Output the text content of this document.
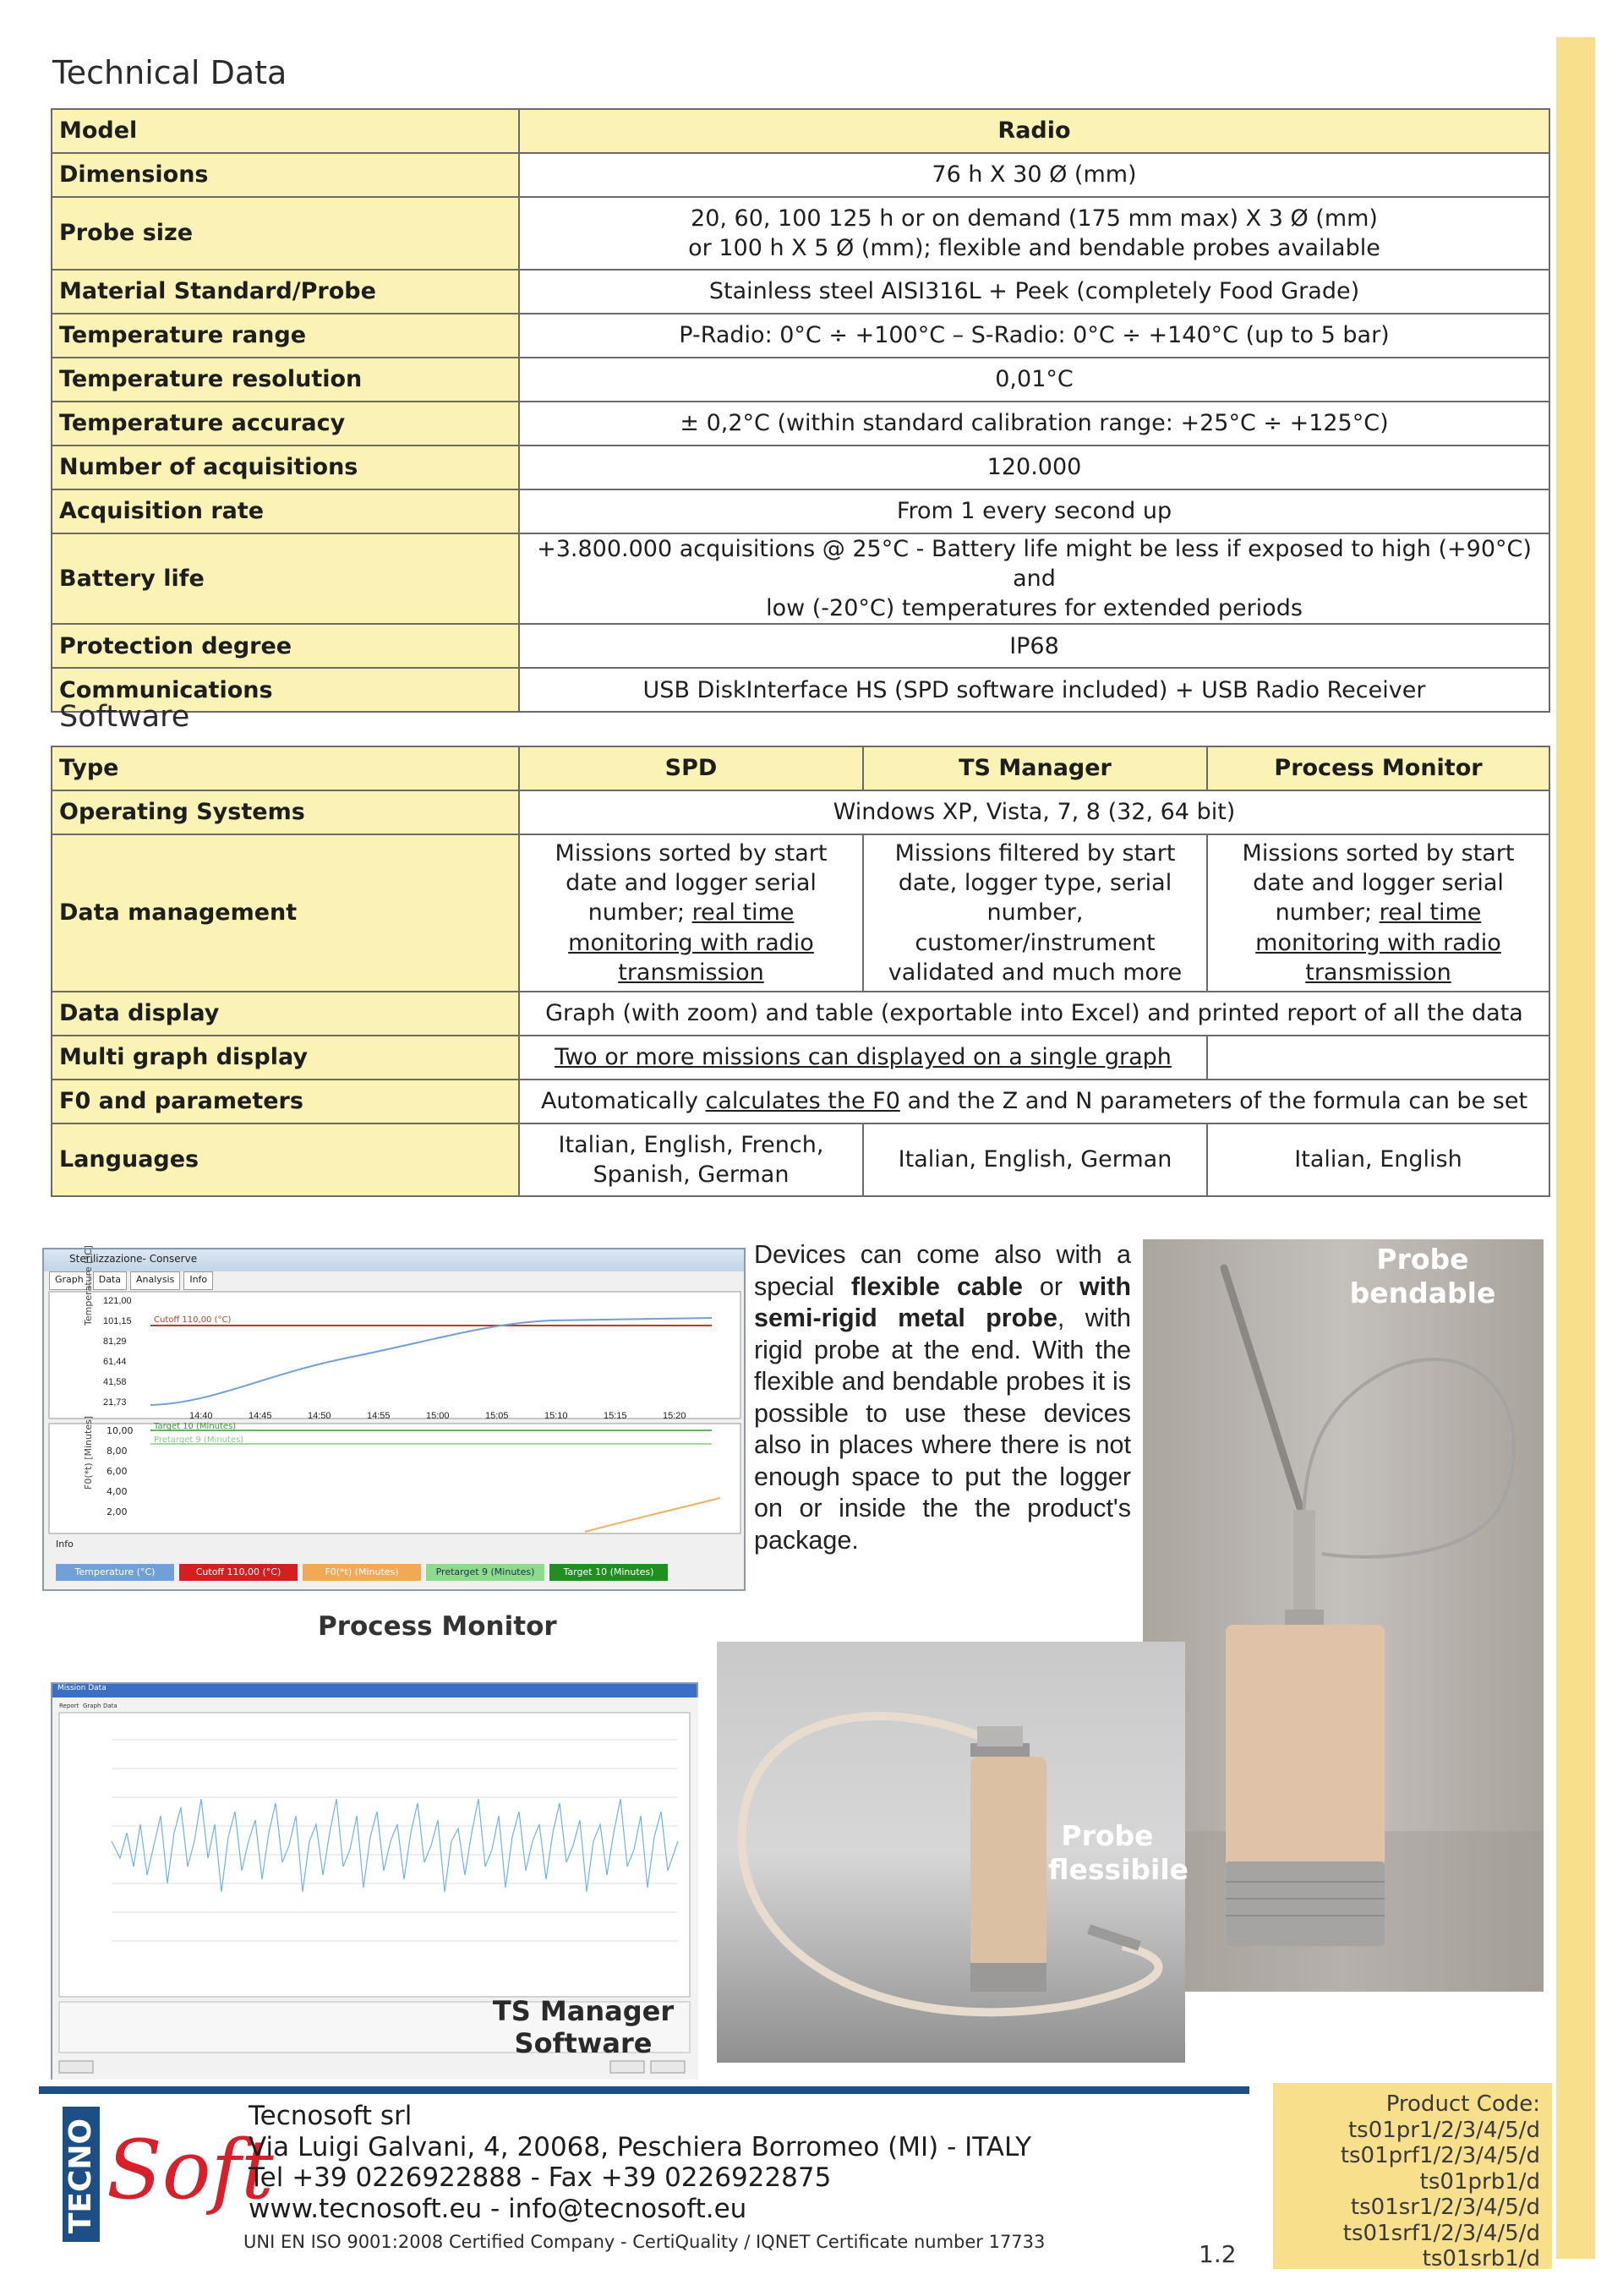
Technical Data
Model	Radio
Dimensions	76 h X 30 Ø (mm)
Probe size	20, 60, 100 125 h or on demand (175 mm max) X 3 Ø (mm)
or 100 h X 5 Ø (mm); flexible and bendable probes available

Material Standard/Probe	Stainless steel AISI316L + Peek (completely Food Grade)
Temperature range	P-Radio: 0°C ÷ +100°C – S-Radio: 0°C ÷ +140°C (up to 5 bar)
Temperature resolution	0,01°C
Temperature accuracy	± 0,2°C (within standard calibration range: +25°C ÷ +125°C)
Number of acquisitions	120.000
Acquisition rate	From 1 every second up
Battery life	+3.800.000 acquisitions @ 25°C - Battery life might be less if exposed to high (+90°C) and
low (-20°C) temperatures for extended periods

Protection degree	IP68
Communications	USB DiskInterface HS (SPD software included) + USB Radio Receiver
Software
Type	SPD	TS Manager	Process Monitor
Operating Systems	Windows XP, Vista, 7, 8 (32, 64 bit)		
Data management	Missions sorted by start date and logger serial number; real time monitoring with radio transmission	Missions filtered by start date, logger type, serial number, customer/instrument validated and much more	Missions sorted by start date and logger serial number; real time monitoring with radio transmission
Data display	Graph (with zoom) and table (exportable into Excel) and printed report of all the data		
Multi graph display	Two or more missions can displayed on a single graph		
F0 and parameters	Automatically calculates the F0 and the Z and N parameters of the formula can be set		
Languages	Italian, English, French, Spanish, German	Italian, English, German	Italian, English
Sterilizzazione- Conserve
Graph	Data	Analysis	Info
Temperature [°C] 121,00
101,15
81,29
61,44
41,58
21,73
14:40	14:45	14:50	14:55	15:00	15:05	15:10	15:15	15:20
Cutoff 110,00 (°C)
F0(*t) [Minutes] 10,00
8,00
6,00
4,00
2,00
Target 10 (Minutes)
Pretarget 9 (Minutes)
Info
Temperature (°C)	Cutoff 110,00 (°C)	F0(*t) (Minutes)	Pretarget 9 (Minutes)	Target 10 (Minutes)
Devices can come also with a special flexible cable or with semi-rigid metal probe, with rigid probe at the end. With the flexible and bendable probes it is possible to use these devices also in places where there is not enough space to put the logger on or inside the the product's package.
Probe bendable
Process Monitor
Mission Data
Report Graph Data
TS Manager
Software
Probe
flessibile
TECNO Soft
Tecnosoft srl
Via Luigi Galvani, 4, 20068, Peschiera Borromeo (MI) - ITALY
Tel +39 0226922888 - Fax +39 0226922875
www.tecnosoft.eu - info@tecnosoft.eu
UNI EN ISO 9001:2008 Certified Company - CertiQuality / IQNET Certificate number 17733	1.2
Product Code:
ts01pr1/2/3/4/5/d
ts01prf1/2/3/4/5/d
ts01prb1/d
ts01sr1/2/3/4/5/d
ts01srf1/2/3/4/5/d
ts01srb1/d
